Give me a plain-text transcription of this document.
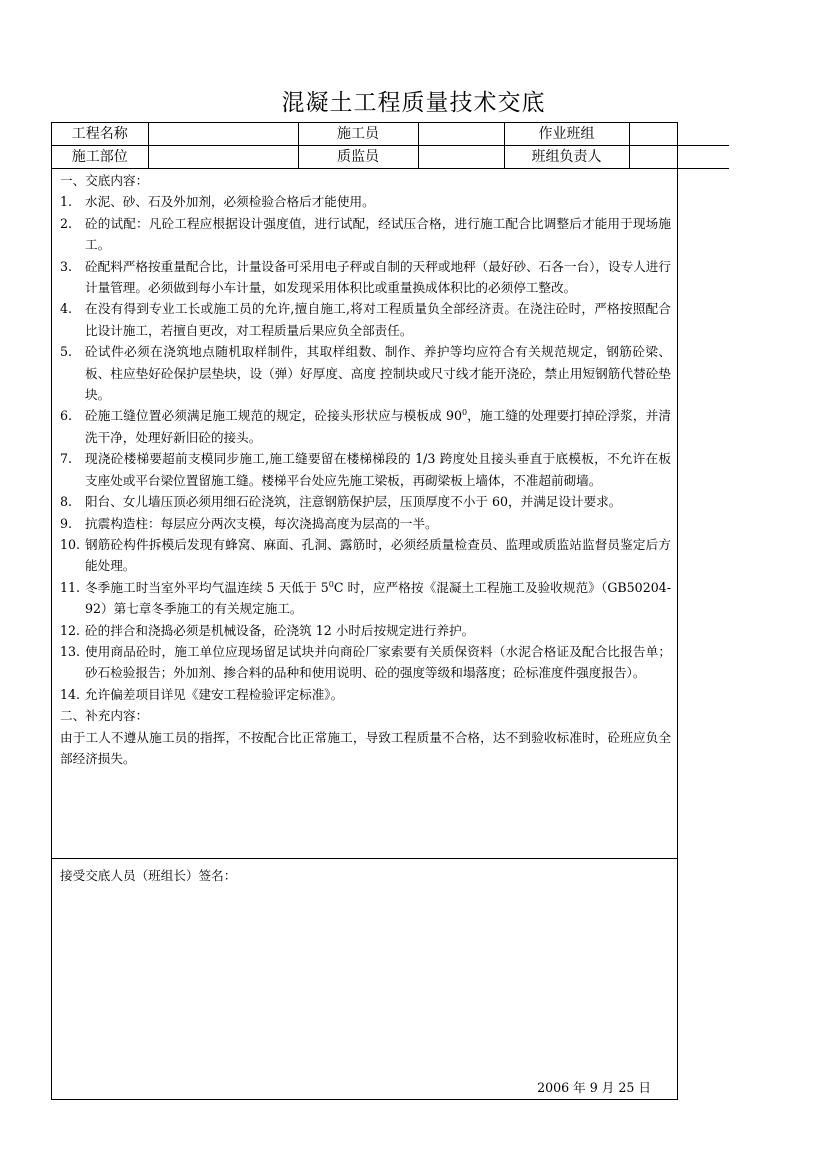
混凝土工程质量技术交底
工程名称		施工员		作业班组	
施工部位		质监员		班组负责人	
一、交底内容：
1. 水泥、砂、石及外加剂，必须检验合格后才能使用。
2. 砼的试配：凡砼工程应根据设计强度值，进行试配，经试压合格，进行施工配合比调整后才能用于现场施工。
3. 砼配料严格按重量配合比，计量设备可采用电子秤或自制的天秤或地秤（最好砂、石各一台），设专人进行计量管理。必须做到每小车计量，如发现采用体积比或重量换成体积比的必须停工整改。
4. 在没有得到专业工长或施工员的允许,擅自施工,将对工程质量负全部经济责。在浇注砼时，严格按照配合比设计施工，若擅自更改，对工程质量后果应负全部责任。
5. 砼试件必须在浇筑地点随机取样制件，其取样组数、制作、养护等均应符合有关规范规定，钢筋砼梁、板、柱应垫好砼保护层垫块，设（弹）好厚度、高度 控制块或尺寸线才能开浇砼，禁止用短钢筋代替砼垫块。
6. 砼施工缝位置必须满足施工规范的规定，砼接头形状应与模板成 $90^0$，施工缝的处理要打掉砼浮浆，并清洗干净，处理好新旧砼的接头。
7. 现浇砼楼梯要超前支模同步施工,施工缝要留在楼梯梯段的 1/3 跨度处且接头垂直于底模板，不允许在板支座处或平台梁位置留施工缝。楼梯平台处应先施工梁板，再砌梁板上墙体，不准超前砌墙。
8. 阳台、女儿墙压顶必须用细石砼浇筑，注意钢筋保护层，压顶厚度不小于 60，并满足设计要求。
9. 抗震构造柱：每层应分两次支模，每次浇捣高度为层高的一半。
10. 钢筋砼构件拆模后发现有蜂窝、麻面、孔洞、露筋时，必须经质量检查员、监理或质监站监督员鉴定后方能处理。
11. 冬季施工时当室外平均气温连续 5 天低于 $5^0C$ 时，应严格按《混凝土工程施工及验收规范》（GB50204-92）第七章冬季施工的有关规定施工。
12. 砼的拌合和浇捣必须是机械设备，砼浇筑 12 小时后按规定进行养护。
13. 使用商品砼时，施工单位应现场留足试块并向商砼厂家索要有关质保资料（水泥合格证及配合比报告单；砂石检验报告；外加剂、掺合料的品种和使用说明、砼的强度等级和塌落度；砼标准度件强度报告）。
14. 允许偏差项目详见《建安工程检验评定标准》。
二、补充内容：
由于工人不遵从施工员的指挥，不按配合比正常施工，导致工程质量不合格，达不到验收标准时，砼班应负全部经济损失。
接受交底人员（班组长）签名：
2006 年 9 月 25 日
